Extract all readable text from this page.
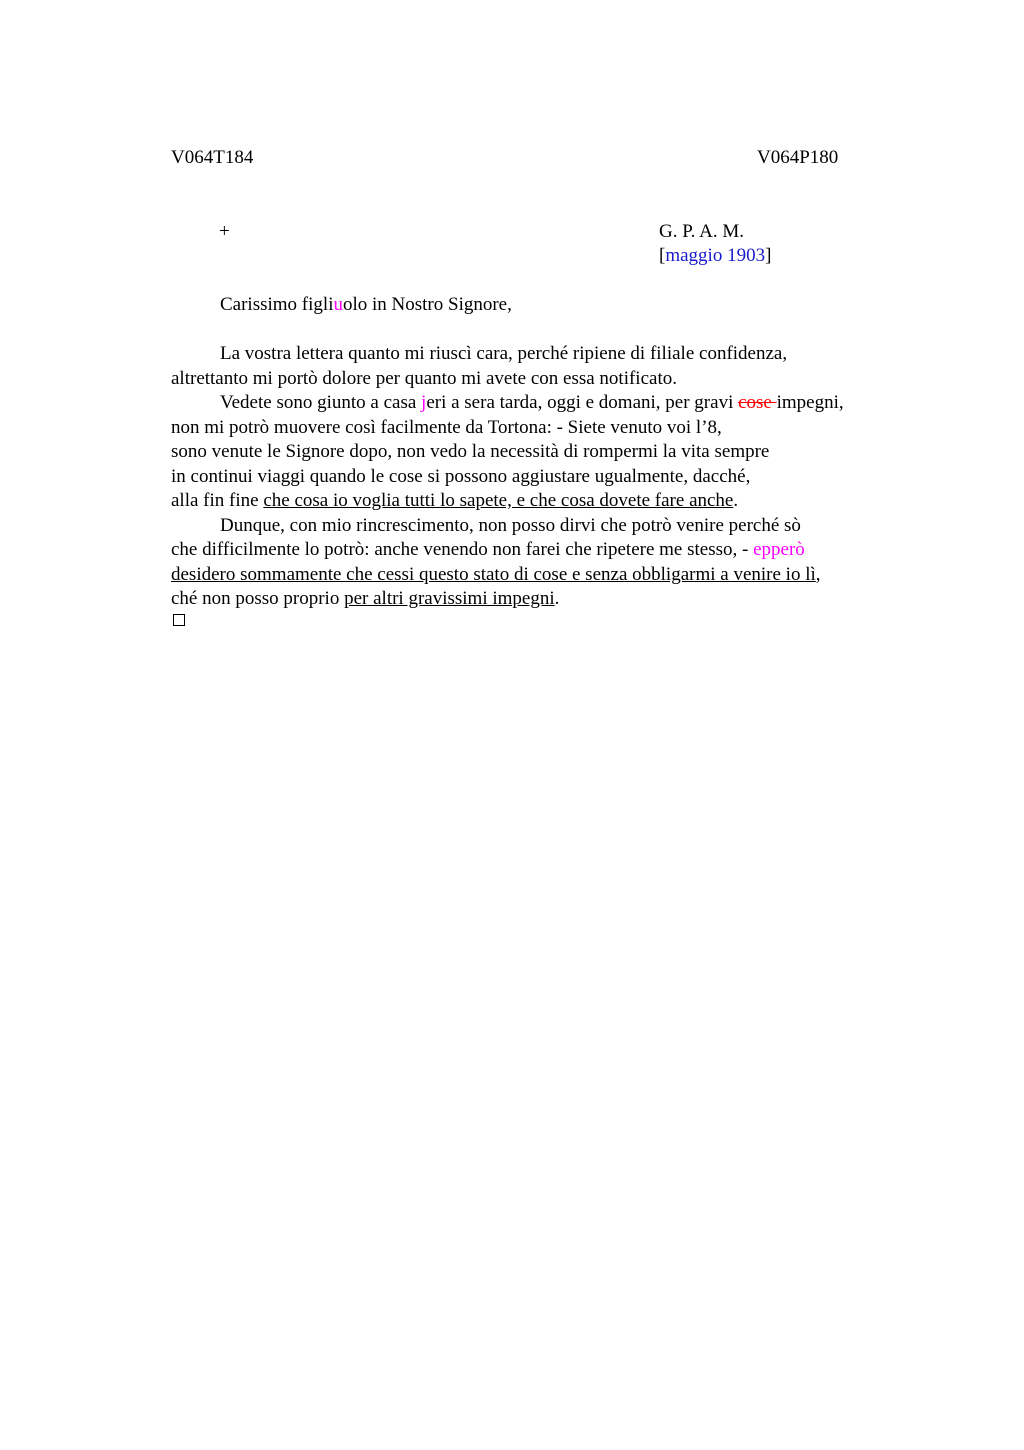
V064T184	V064P180
+	G. P. A. M.
[maggio 1903]
Carissimo figliuolo in Nostro Signore,
La vostra lettera quanto mi riuscì cara, perché ripiene di filiale confidenza,
altrettanto mi portò dolore per quanto mi avete con essa notificato.
Vedete sono giunto a casa jeri a sera tarda, oggi e domani, per gravi cose impegni,
non mi potrò muovere così facilmente da Tortona: - Siete venuto voi l’8,
sono venute le Signore dopo, non vedo la necessità di rompermi la vita sempre
in continui viaggi quando le cose si possono aggiustare ugualmente, dacché,
alla fin fine che cosa io voglia tutti lo sapete, e che cosa dovete fare anche.
Dunque, con mio rincrescimento, non posso dirvi che potrò venire perché sò
che difficilmente lo potrò: anche venendo non farei che ripetere me stesso, - epperò
desidero sommamente che cessi questo stato di cose e senza obbligarmi a venire io lì,
ché non posso proprio per altri gravissimi impegni.
